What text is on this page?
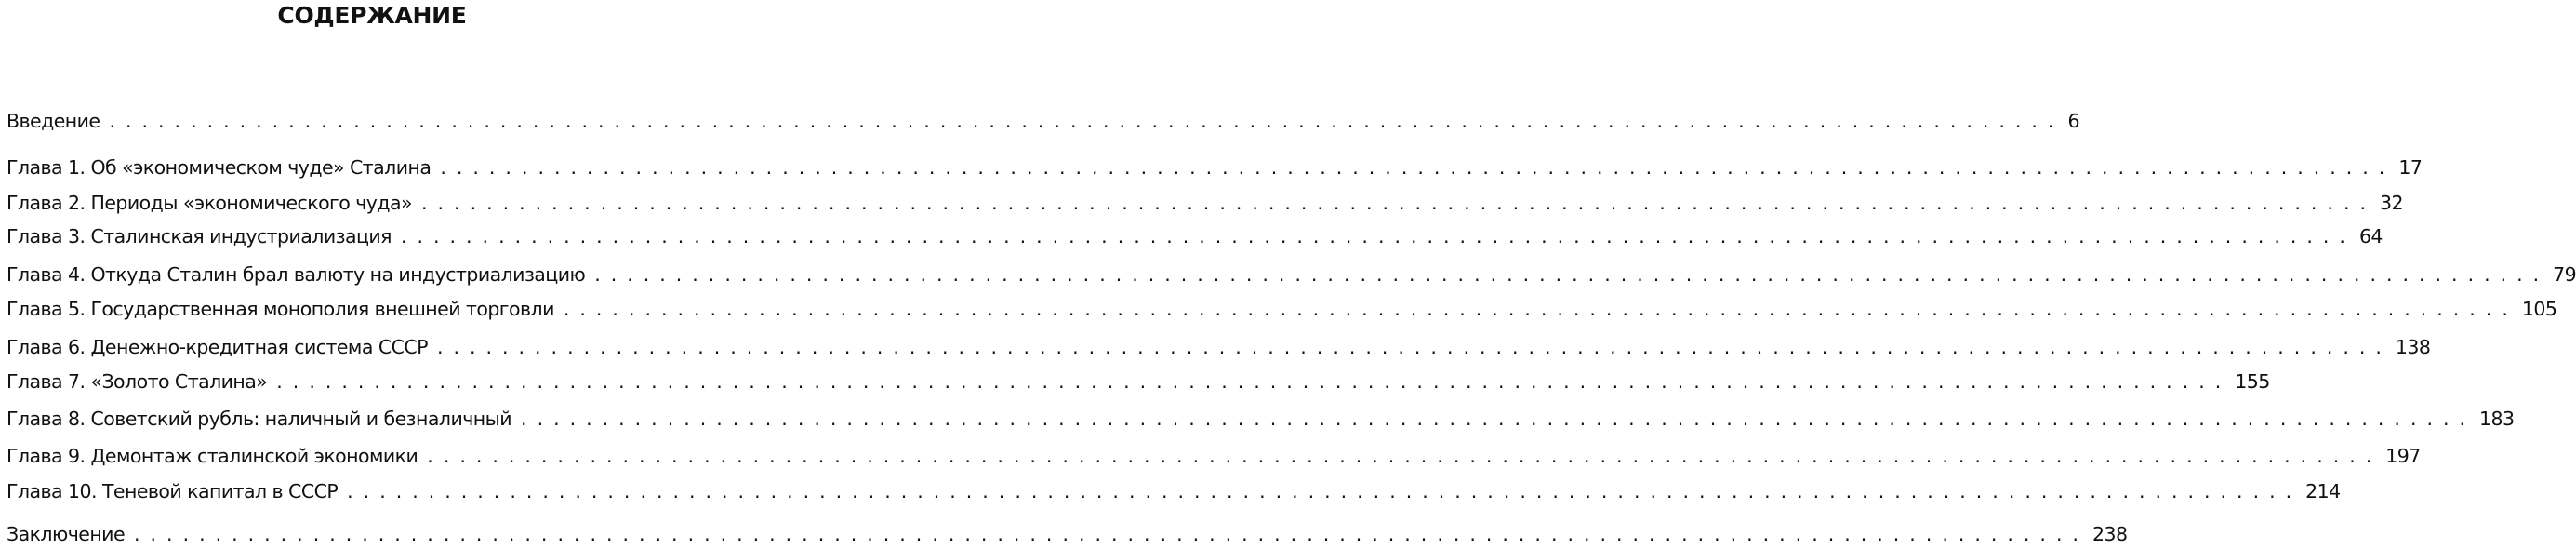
СОДЕРЖАНИЕ
Введение ........................................................................................................................ 6
Глава 1. Об «экономическом чуде» Сталина ........................................................................................................................ 17
Глава 2. Периоды «экономического чуда» ........................................................................................................................ 32
Глава 3. Сталинская индустриализация ........................................................................................................................ 64
Глава 4. Откуда Сталин брал валюту на индустриализацию ........................................................................................................................ 79
Глава 5. Государственная монополия внешней торговли ........................................................................................................................ 105
Глава 6. Денежно-кредитная система СССР ........................................................................................................................ 138
Глава 7. «Золото Сталина» ........................................................................................................................ 155
Глава 8. Советский рубль: наличный и безналичный ........................................................................................................................ 183
Глава 9. Демонтаж сталинской экономики ........................................................................................................................ 197
Глава 10. Теневой капитал в СССР ........................................................................................................................ 214
Заключение ........................................................................................................................ 238
